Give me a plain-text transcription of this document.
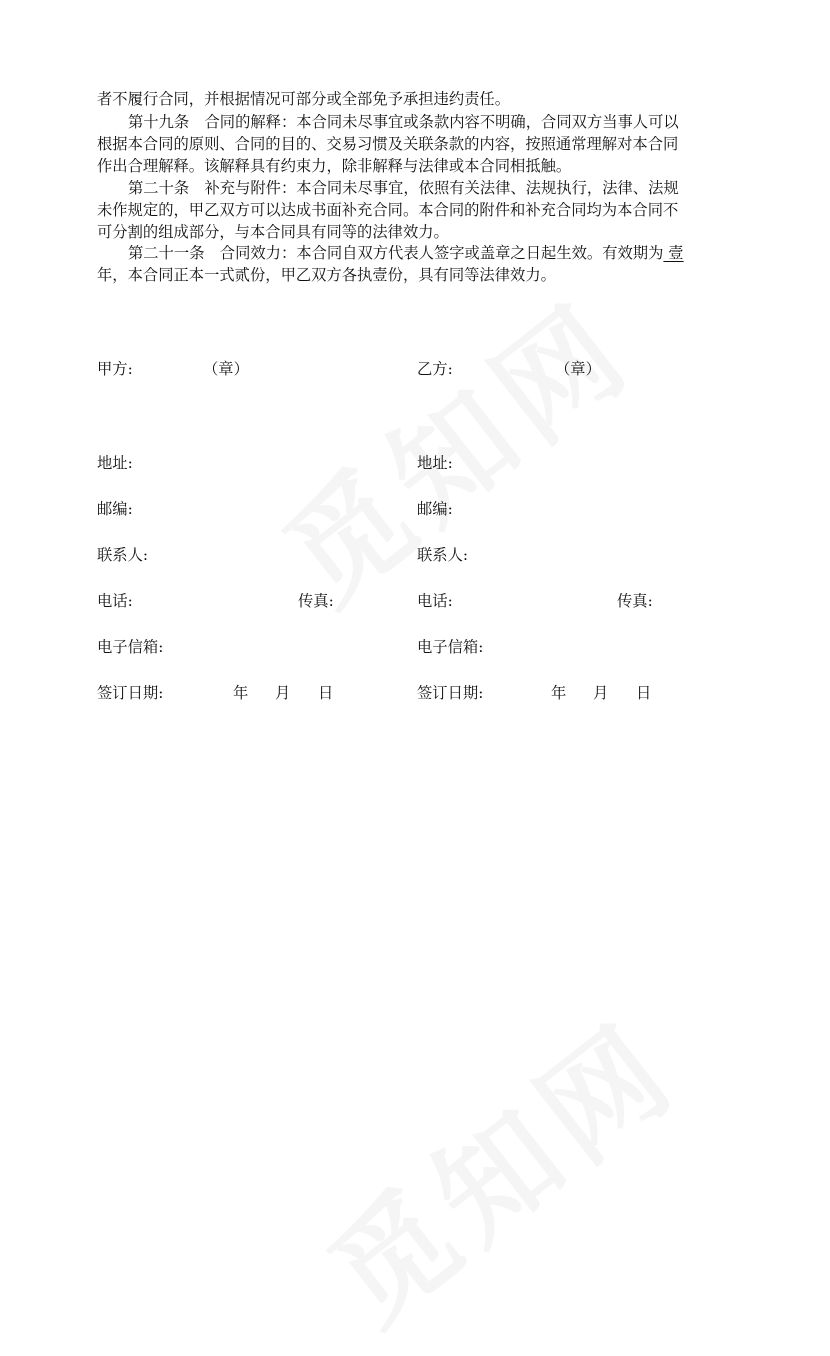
者不履行合同，并根据情况可部分或全部免予承担违约责任。

第十九条　合同的解释：本合同未尽事宜或条款内容不明确，合同双方当事人可以
根据本合同的原则、合同的目的、交易习惯及关联条款的内容，按照通常理解对本合同
作出合理解释。该解释具有约束力，除非解释与法律或本合同相抵触。

第二十条　补充与附件：本合同未尽事宜，依照有关法律、法规执行，法律、法规
未作规定的，甲乙双方可以达成书面补充合同。本合同的附件和补充合同均为本合同不
可分割的组成部分，与本合同具有同等的法律效力。

第二十一条　合同效力：本合同自双方代表人签字或盖章之日起生效。有效期为 壹
年，本合同正本一式贰份，甲乙双方各执壹份，具有同等法律效力。

甲方:	（章）
地址:
邮编:
联系人:
电话:	传真:
电子信箱:
签订日期:	年 月 日
乙方:	（章）
地址:
邮编:
联系人:
电话:	传真:
电子信箱:
签订日期:	年 月 日
